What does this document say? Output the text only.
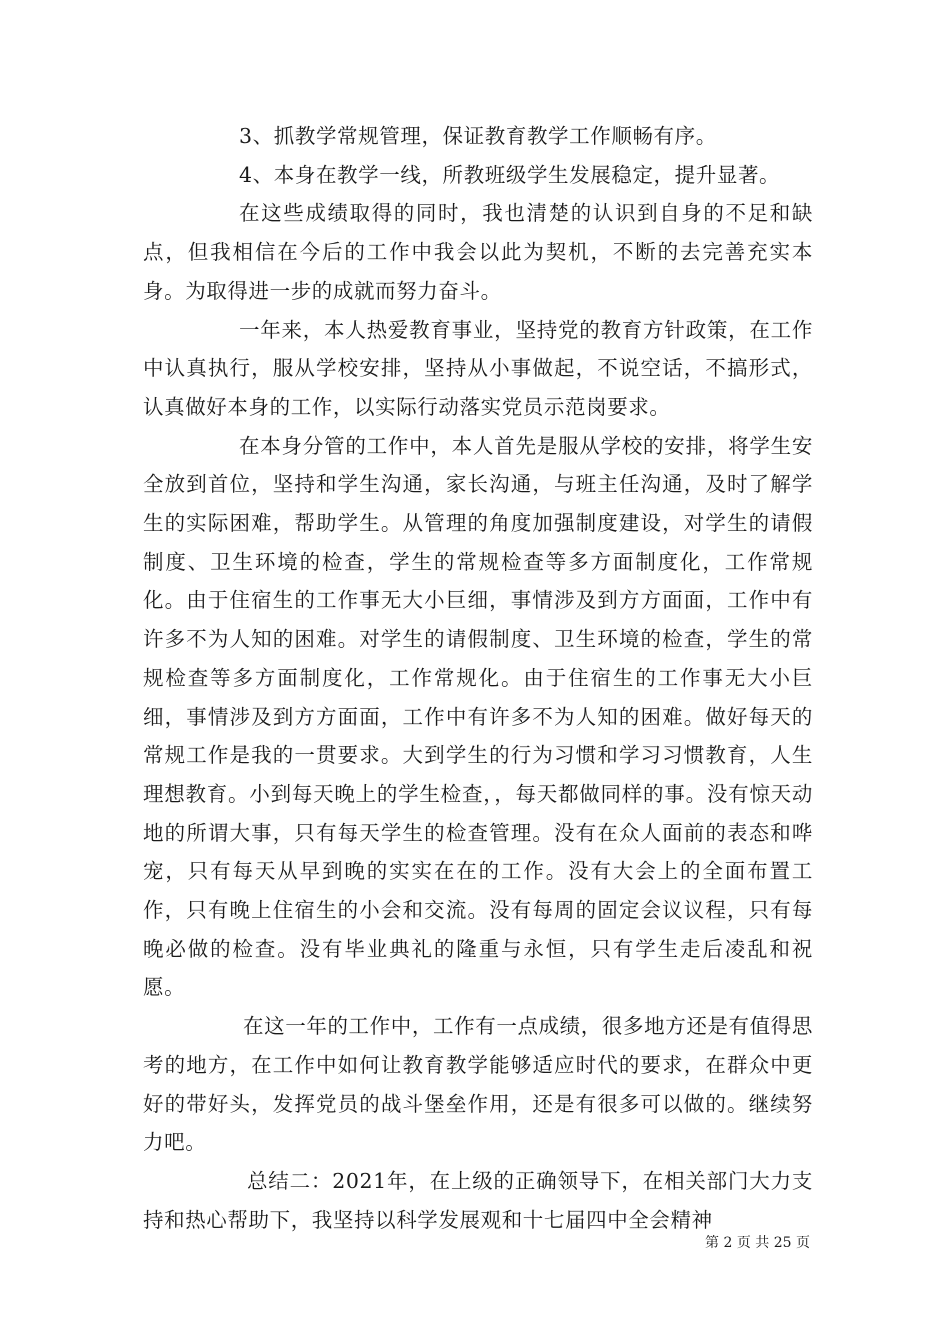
3、抓教学常规管理，保证教育教学工作顺畅有序。

4、本身在教学一线，所教班级学生发展稳定，提升显著。

在这些成绩取得的同时，我也清楚的认识到自身的不足和缺点，但我相信在今后的工作中我会以此为契机，不断的去完善充实本身。为取得进一步的成就而努力奋斗。

一年来，本人热爱教育事业，坚持党的教育方针政策，在工作中认真执行，服从学校安排，坚持从小事做起，不说空话，不搞形式，认真做好本身的工作，以实际行动落实党员示范岗要求。

在本身分管的工作中，本人首先是服从学校的安排，将学生安全放到首位，坚持和学生沟通，家长沟通，与班主任沟通，及时了解学生的实际困难，帮助学生。从管理的角度加强制度建设，对学生的请假制度、卫生环境的检查，学生的常规检查等多方面制度化，工作常规化。由于住宿生的工作事无大小巨细，事情涉及到方方面面，工作中有许多不为人知的困难。对学生的请假制度、卫生环境的检查，学生的常规检查等多方面制度化，工作常规化。由于住宿生的工作事无大小巨细，事情涉及到方方面面，工作中有许多不为人知的困难。做好每天的常规工作是我的一贯要求。大到学生的行为习惯和学习习惯教育，人生理想教育。小到每天晚上的学生检查，，每天都做同样的事。没有惊天动地的所谓大事，只有每天学生的检查管理。没有在众人面前的表态和哗宠，只有每天从早到晚的实实在在的工作。没有大会上的全面布置工作，只有晚上住宿生的小会和交流。没有每周的固定会议议程，只有每晚必做的检查。没有毕业典礼的隆重与永恒，只有学生走后凌乱和祝愿。

在这一年的工作中，工作有一点成绩，很多地方还是有值得思考的地方，在工作中如何让教育教学能够适应时代的要求，在群众中更好的带好头，发挥党员的战斗堡垒作用，还是有很多可以做的。继续努力吧。

总结二：2021年，在上级的正确领导下，在相关部门大力支持和热心帮助下，我坚持以科学发展观和十七届四中全会精神

第 2 页 共 25 页
